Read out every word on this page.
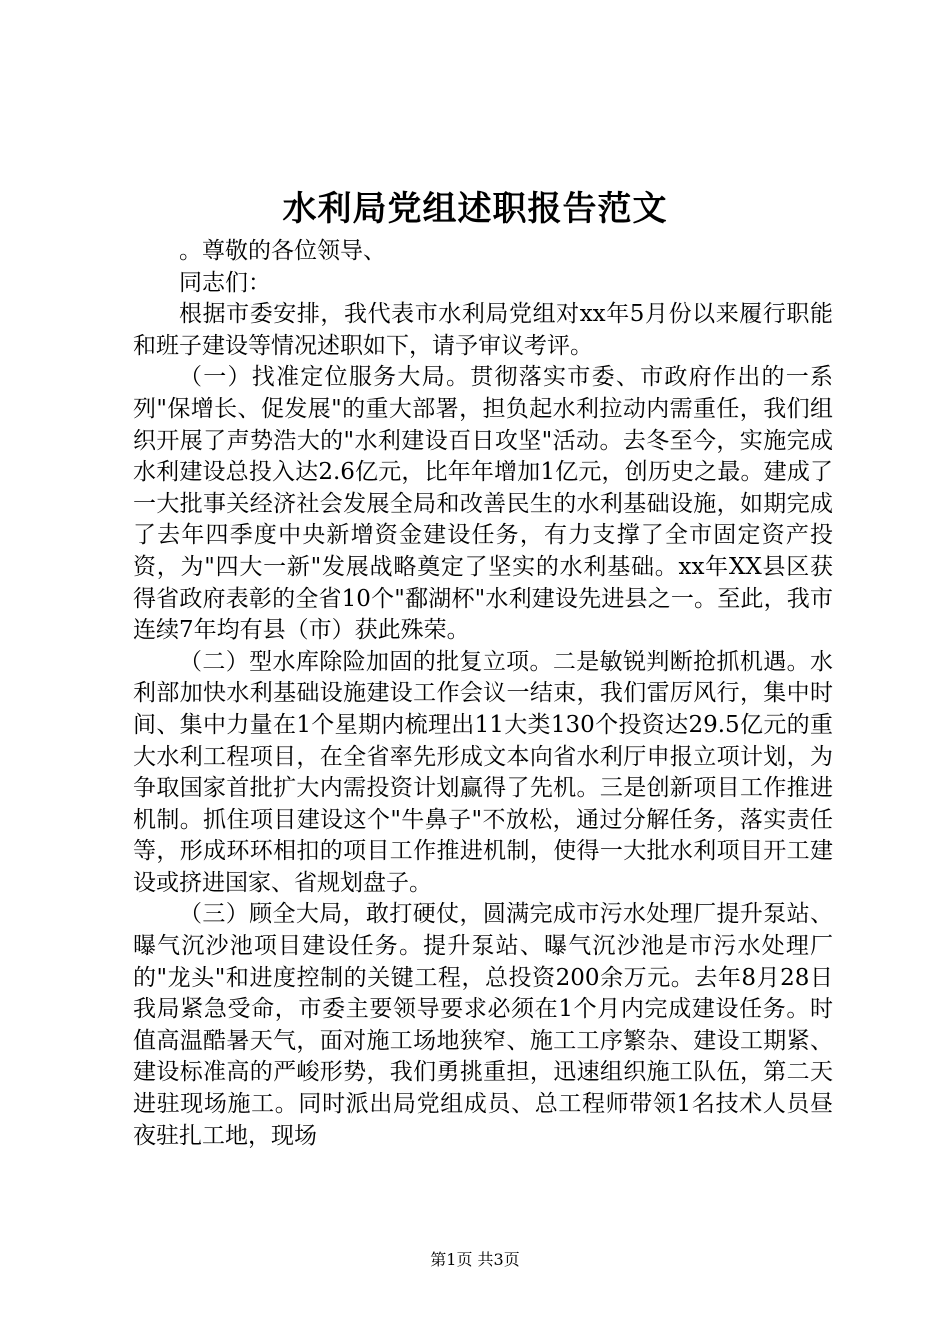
水利局党组述职报告范文

。尊敬的各位领导、

同志们：

根据市委安排，我代表市水利局党组对xx年5月份以来履行职能和班子建设等情况述职如下，请予审议考评。

（一）找准定位服务大局。贯彻落实市委、市政府作出的一系列"保增长、促发展"的重大部署，担负起水利拉动内需重任，我们组织开展了声势浩大的"水利建设百日攻坚"活动。去冬至今，实施完成水利建设总投入达2.6亿元，比年年增加1亿元，创历史之最。建成了一大批事关经济社会发展全局和改善民生的水利基础设施，如期完成了去年四季度中央新增资金建设任务，有力支撑了全市固定资产投资，为"四大一新"发展战略奠定了坚实的水利基础。xx年XX县区获得省政府表彰的全省10个"鄱湖杯"水利建设先进县之一。至此，我市连续7年均有县（市）获此殊荣。

（二）型水库除险加固的批复立项。二是敏锐判断抢抓机遇。水利部加快水利基础设施建设工作会议一结束，我们雷厉风行，集中时间、集中力量在1个星期内梳理出11大类130个投资达29.5亿元的重大水利工程项目，在全省率先形成文本向省水利厅申报立项计划，为争取国家首批扩大内需投资计划赢得了先机。三是创新项目工作推进机制。抓住项目建设这个"牛鼻子"不放松，通过分解任务，落实责任等，形成环环相扣的项目工作推进机制，使得一大批水利项目开工建设或挤进国家、省规划盘子。

（三）顾全大局，敢打硬仗，圆满完成市污水处理厂提升泵站、曝气沉沙池项目建设任务。提升泵站、曝气沉沙池是市污水处理厂的"龙头"和进度控制的关键工程，总投资200余万元。去年8月28日我局紧急受命，市委主要领导要求必须在1个月内完成建设任务。时值高温酷暑天气，面对施工场地狭窄、施工工序繁杂、建设工期紧、建设标准高的严峻形势，我们勇挑重担，迅速组织施工队伍，第二天进驻现场施工。同时派出局党组成员、总工程师带领1名技术人员昼夜驻扎工地，现场

第1页 共3页
